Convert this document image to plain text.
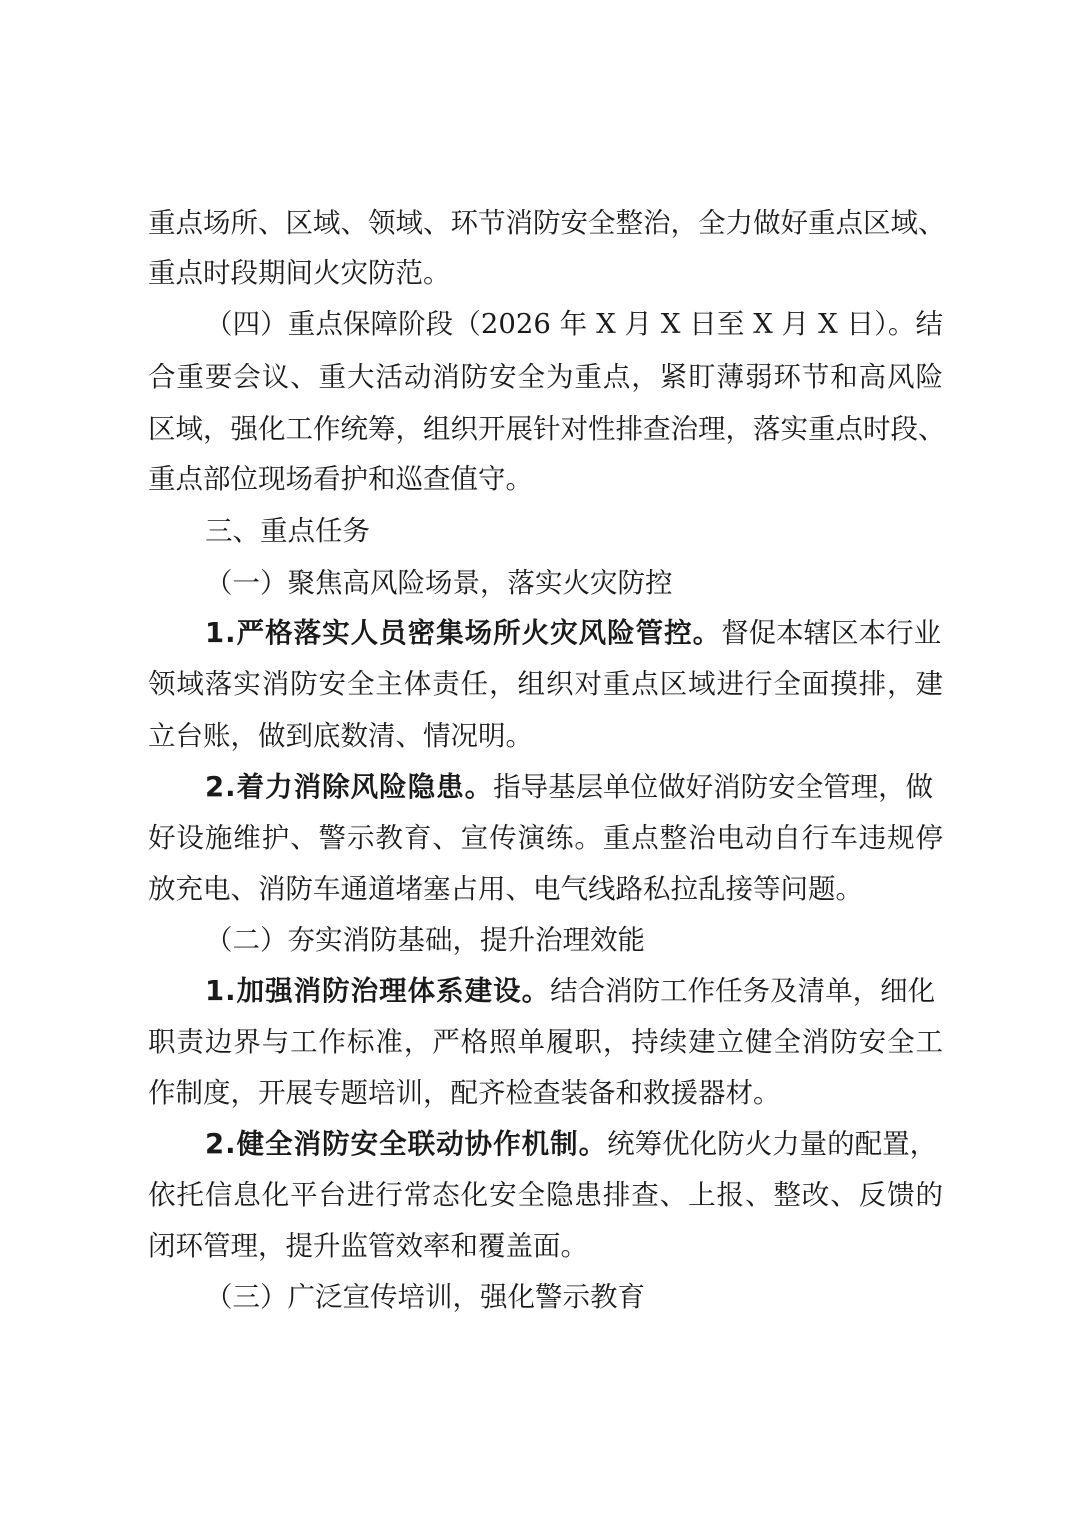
重点场所、区域、领域、环节消防安全整治，全力做好重点区域、
重点时段期间火灾防范。
（四）重点保障阶段（2026 年 X 月 X 日至 X 月 X 日）。结
合重要会议、重大活动消防安全为重点，紧盯薄弱环节和高风险
区域，强化工作统筹，组织开展针对性排查治理，落实重点时段、
重点部位现场看护和巡查值守。
三、重点任务
（一）聚焦高风险场景，落实火灾防控
1.严格落实人员密集场所火灾风险管控。督促本辖区本行业
领域落实消防安全主体责任，组织对重点区域进行全面摸排，建
立台账，做到底数清、情况明。
2.着力消除风险隐患。指导基层单位做好消防安全管理，做
好设施维护、警示教育、宣传演练。重点整治电动自行车违规停
放充电、消防车通道堵塞占用、电气线路私拉乱接等问题。
（二）夯实消防基础，提升治理效能
1.加强消防治理体系建设。结合消防工作任务及清单，细化
职责边界与工作标准，严格照单履职，持续建立健全消防安全工
作制度，开展专题培训，配齐检查装备和救援器材。
2.健全消防安全联动协作机制。统筹优化防火力量的配置，
依托信息化平台进行常态化安全隐患排查、上报、整改、反馈的
闭环管理，提升监管效率和覆盖面。
（三）广泛宣传培训，强化警示教育
